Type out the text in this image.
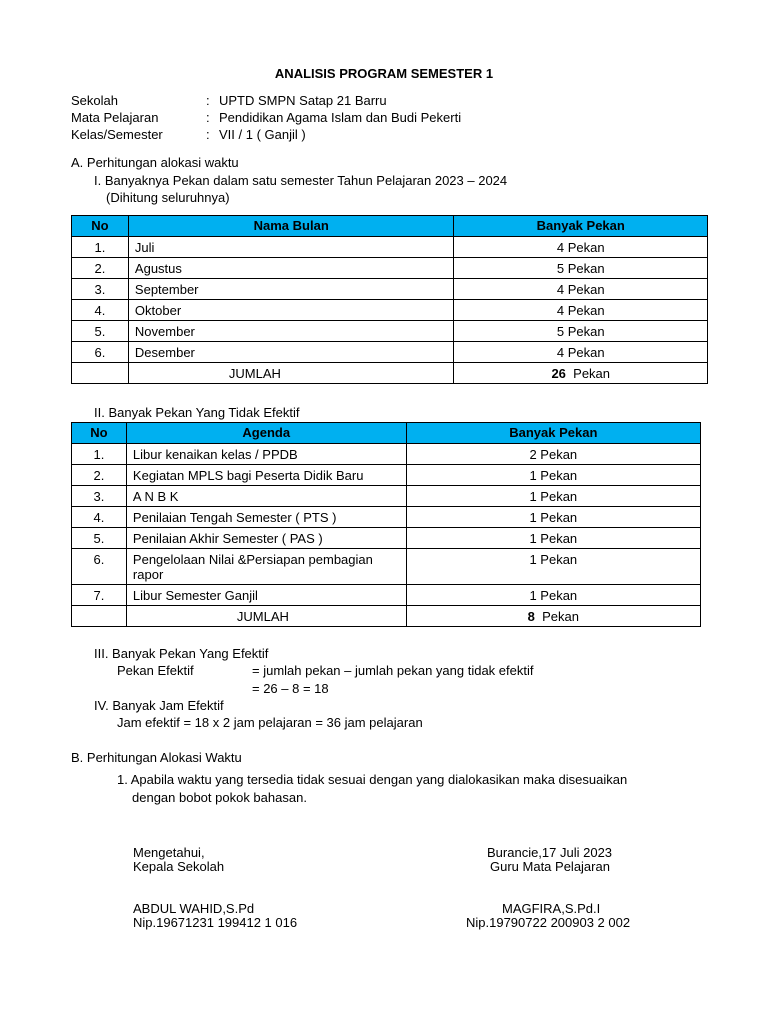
ANALISIS PROGRAM SEMESTER 1
Sekolah	: UPTD SMPN Satap 21 Barru
Mata Pelajaran	: Pendidikan Agama Islam dan Budi Pekerti
Kelas/Semester	: VII / 1 ( Ganjil )
A. Perhitungan alokasi waktu
I. Banyaknya Pekan dalam satu semester Tahun Pelajaran 2023 – 2024
(Dihitung seluruhnya)
No	Nama Bulan	Banyak Pekan
1.	Juli	4 Pekan
2.	Agustus	5 Pekan
3.	September	4 Pekan
4.	Oktober	4 Pekan
5.	November	5 Pekan
6.	Desember	4 Pekan
	JUMLAH	26 Pekan
II. Banyak Pekan Yang Tidak Efektif
No	Agenda	Banyak Pekan
1.	Libur kenaikan kelas / PPDB	2 Pekan
2.	Kegiatan MPLS bagi Peserta Didik Baru	1 Pekan
3.	A N B K	1 Pekan
4.	Penilaian Tengah Semester ( PTS )	1 Pekan
5.	Penilaian Akhir Semester ( PAS )	1 Pekan
6.	Pengelolaan Nilai &Persiapan pembagian rapor	1 Pekan
7.	Libur Semester Ganjil	1 Pekan
	JUMLAH	8 Pekan
III. Banyak Pekan Yang Efektif
Pekan Efektif	= jumlah pekan – jumlah pekan yang tidak efektif
= 26 – 8 = 18
IV. Banyak Jam Efektif
Jam efektif = 18 x 2 jam pelajaran = 36 jam pelajaran
B. Perhitungan Alokasi Waktu
1. Apabila waktu yang tersedia tidak sesuai dengan yang dialokasikan maka disesuaikan
dengan bobot pokok bahasan.
Mengetahui,
Kepala Sekolah
ABDUL WAHID,S.Pd
Nip.19671231 199412 1 016
Burancie,17 Juli 2023
Guru Mata Pelajaran
MAGFIRA,S.Pd.I
Nip.19790722 200903 2 002
